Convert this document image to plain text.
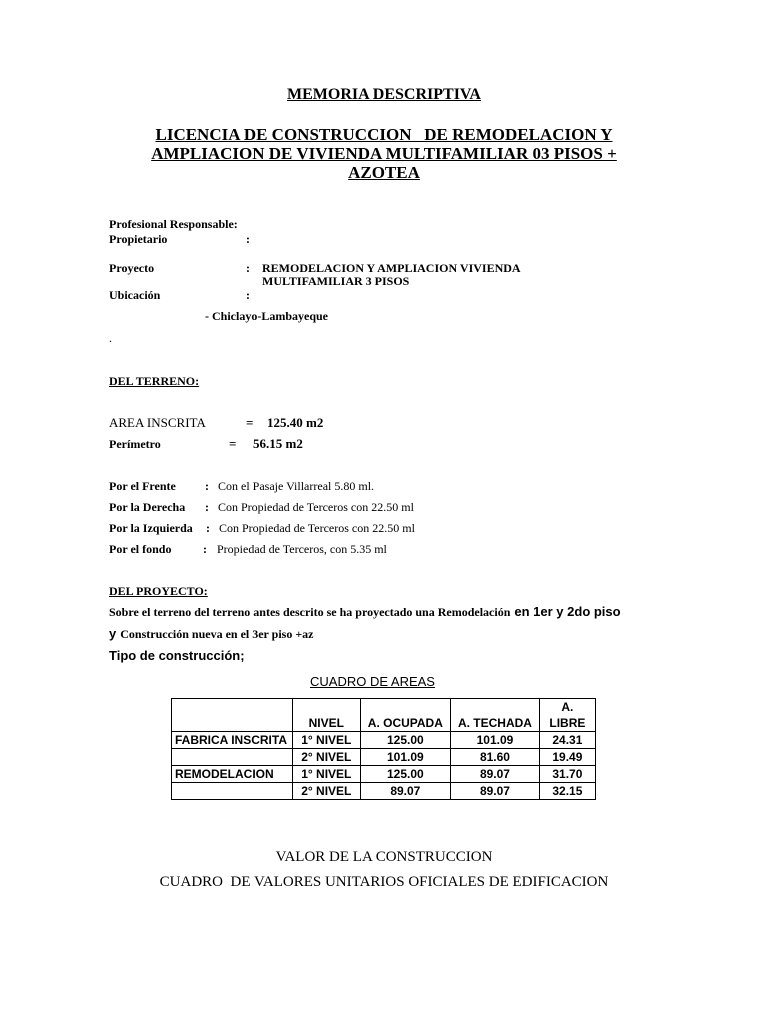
MEMORIA DESCRIPTIVA

LICENCIA DE CONSTRUCCION   DE REMODELACION Y
AMPLIACION DE VIVIENDA MULTIFAMILIAR 03 PISOS +
AZOTEA
Profesional Responsable:
Propietario	:
Proyecto	: REMODELACION Y AMPLIACION VIVIENDA
MULTIFAMILIAR 3 PISOS
Ubicación	:
- Chiclayo-Lambayeque
.
DEL TERRENO:
AREA INSCRITA	= 125.40 m2
Perímetro	= 56.15 m2
Por el Frente : Con el Pasaje Villarreal 5.80 ml.
Por la Derecha : Con Propiedad de Terceros con 22.50 ml
Por la Izquierda : Con Propiedad de Terceros con 22.50 ml
Por el fondo	: Propiedad de Terceros, con 5.35 ml
DEL PROYECTO:
Sobre el terreno del terreno antes descrito se ha proyectado una Remodelación en 1er y 2do piso
y Construcción nueva en el 3er piso +az
Tipo de construcción;
CUADRO DE AREAS
	NIVEL	A. OCUPADA	A. TECHADA	A.
LIBRE

FABRICA INSCRITA	1° NIVEL	125.00	101.09	24.31
	2° NIVEL	101.09	81.60	19.49
REMODELACION	1° NIVEL	125.00	89.07	31.70
	2° NIVEL	89.07	89.07	32.15

VALOR DE LA CONSTRUCCION

CUADRO  DE VALORES UNITARIOS OFICIALES DE EDIFICACION
